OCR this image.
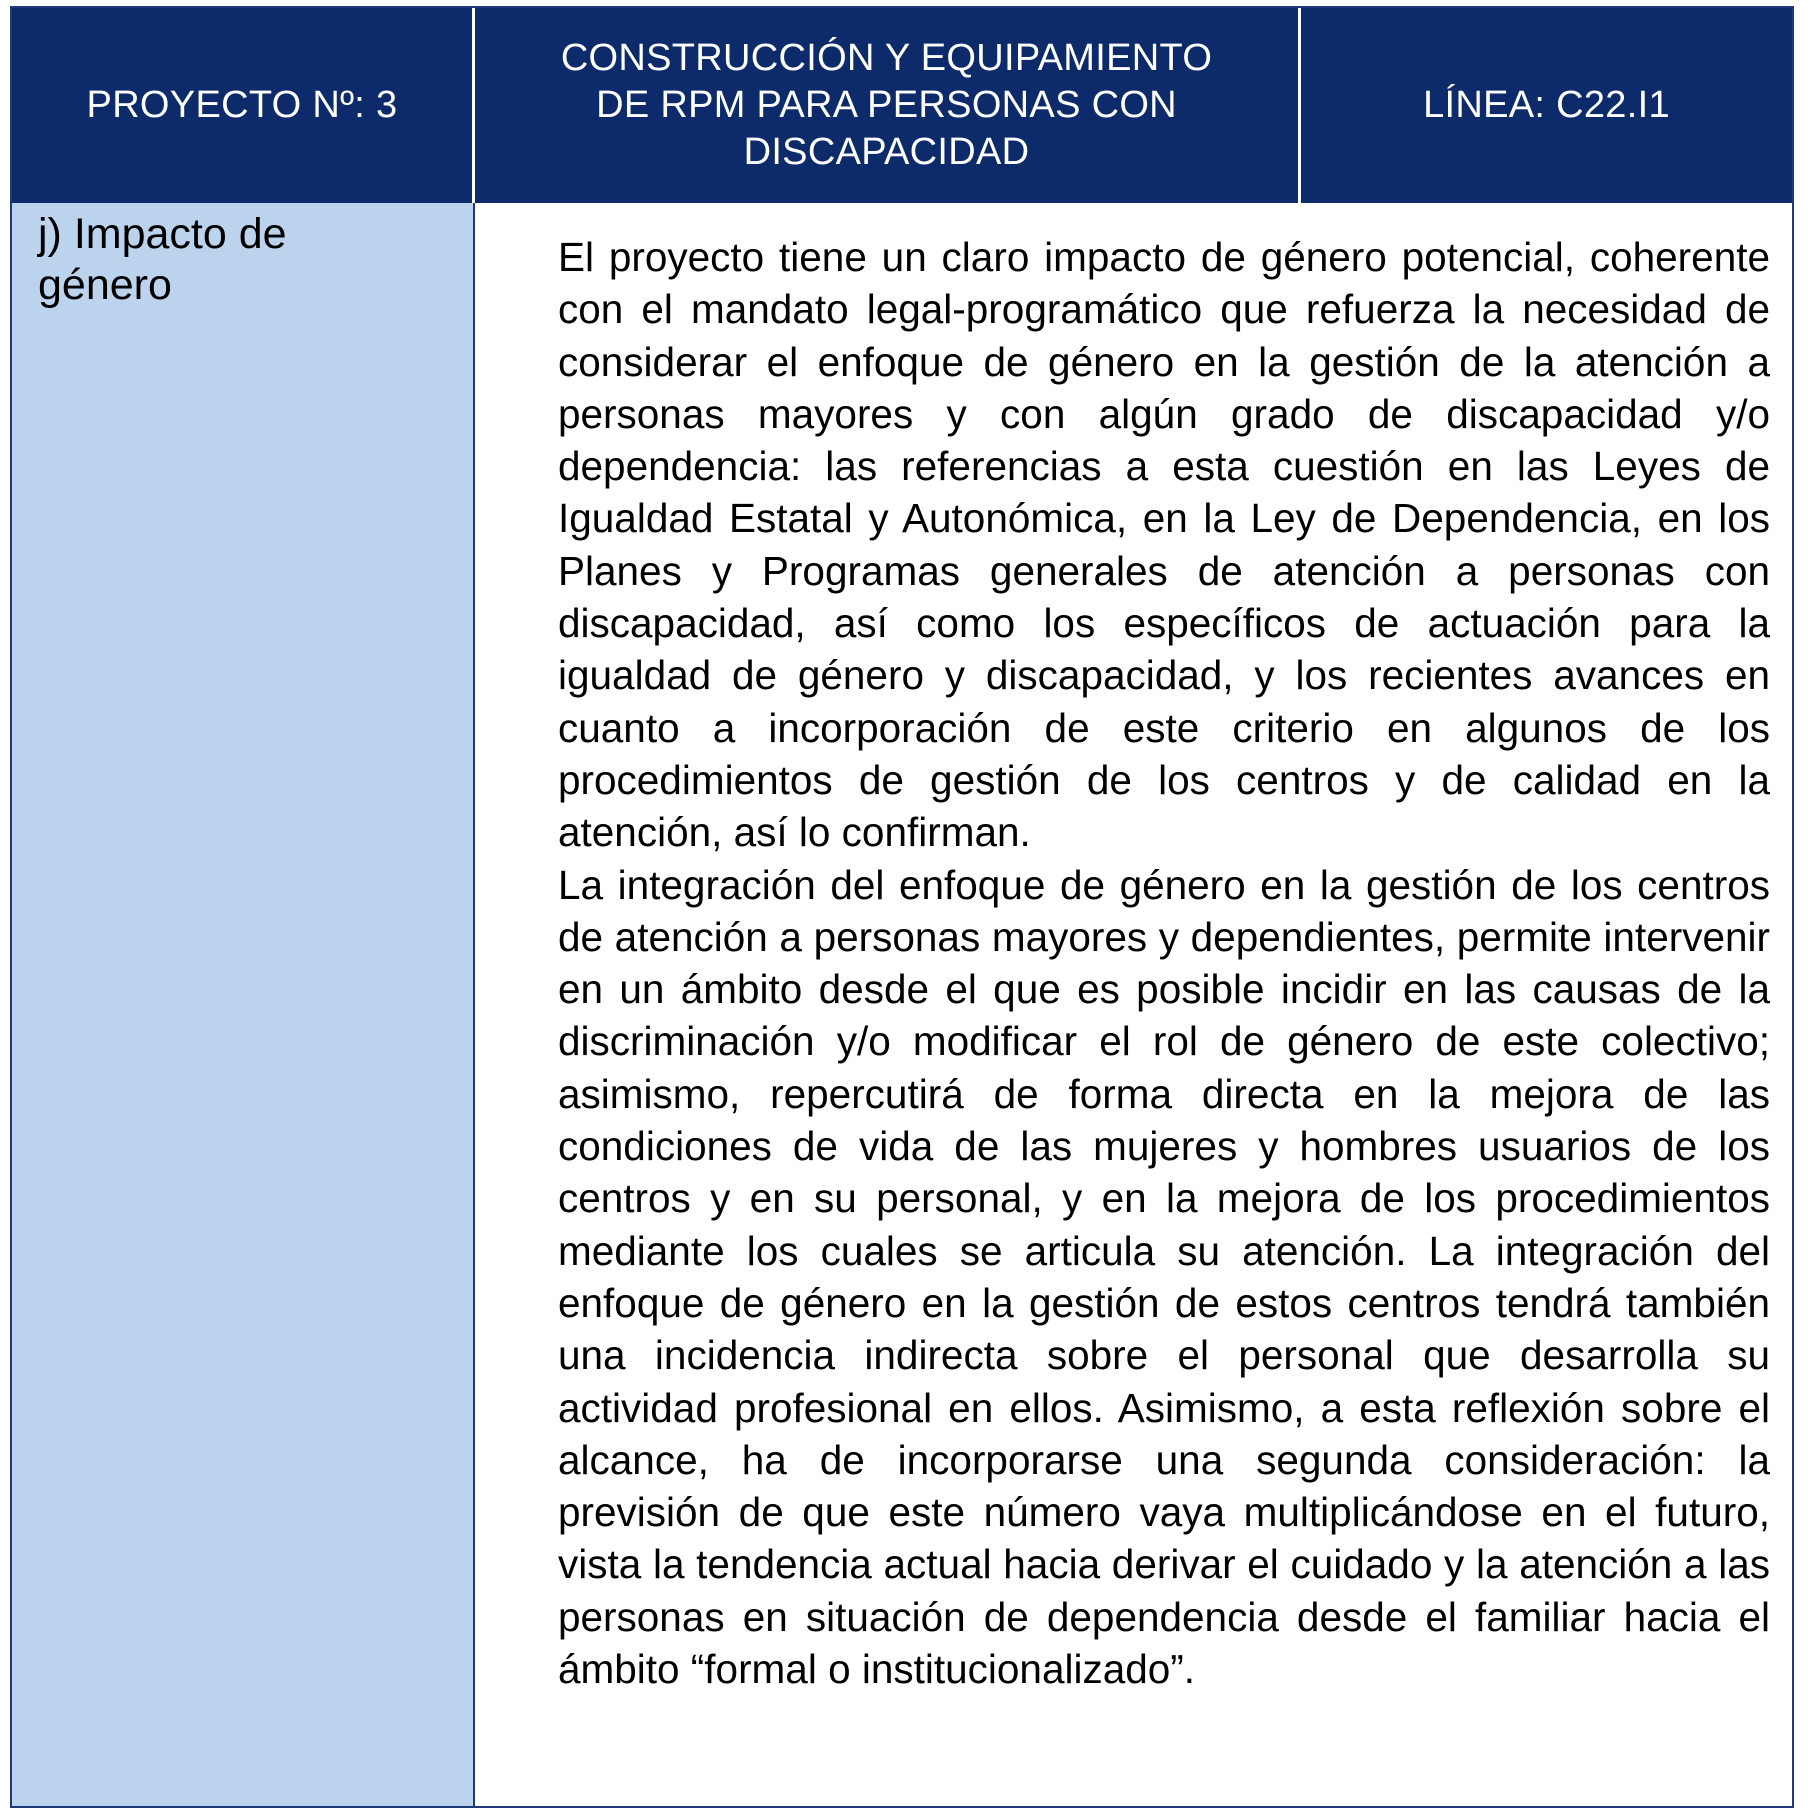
PROYECTO Nº: 3
CONSTRUCCIÓN Y EQUIPAMIENTO
DE RPM PARA PERSONAS CON
DISCAPACIDAD
LÍNEA: C22.I1
j) Impacto de
género

El proyecto tiene un claro impacto de género potencial, coherente con el mandato legal-programático que refuerza la necesidad de considerar el enfoque de género en la gestión de la atención a personas mayores y con algún grado de discapacidad y/o dependencia: las referencias a esta cuestión en las Leyes de Igualdad Estatal y Autonómica, en la Ley de Dependencia, en los Planes y Programas generales de atención a personas con discapacidad, así como los específicos de actuación para la igualdad de género y discapacidad, y los recientes avances en cuanto a incorporación de este criterio en algunos de los procedimientos de gestión de los centros y de calidad en la atención, así lo confirman.

La integración del enfoque de género en la gestión de los centros de atención a personas mayores y dependientes, permite intervenir en un ámbito desde el que es posible incidir en las causas de la discriminación y/o modificar el rol de género de este colectivo; asimismo, repercutirá de forma directa en la mejora de las condiciones de vida de las mujeres y hombres usuarios de los centros y en su personal, y en la mejora de los procedimientos mediante los cuales se articula su atención. La integración del enfoque de género en la gestión de estos centros tendrá también una incidencia indirecta sobre el personal que desarrolla su actividad profesional en ellos. Asimismo, a esta reflexión sobre el alcance, ha de incorporarse una segunda consideración: la previsión de que este número vaya multiplicándose en el futuro, vista la tendencia actual hacia derivar el cuidado y la atención a las personas en situación de dependencia desde el familiar hacia el ámbito “formal o institucionalizado”.
